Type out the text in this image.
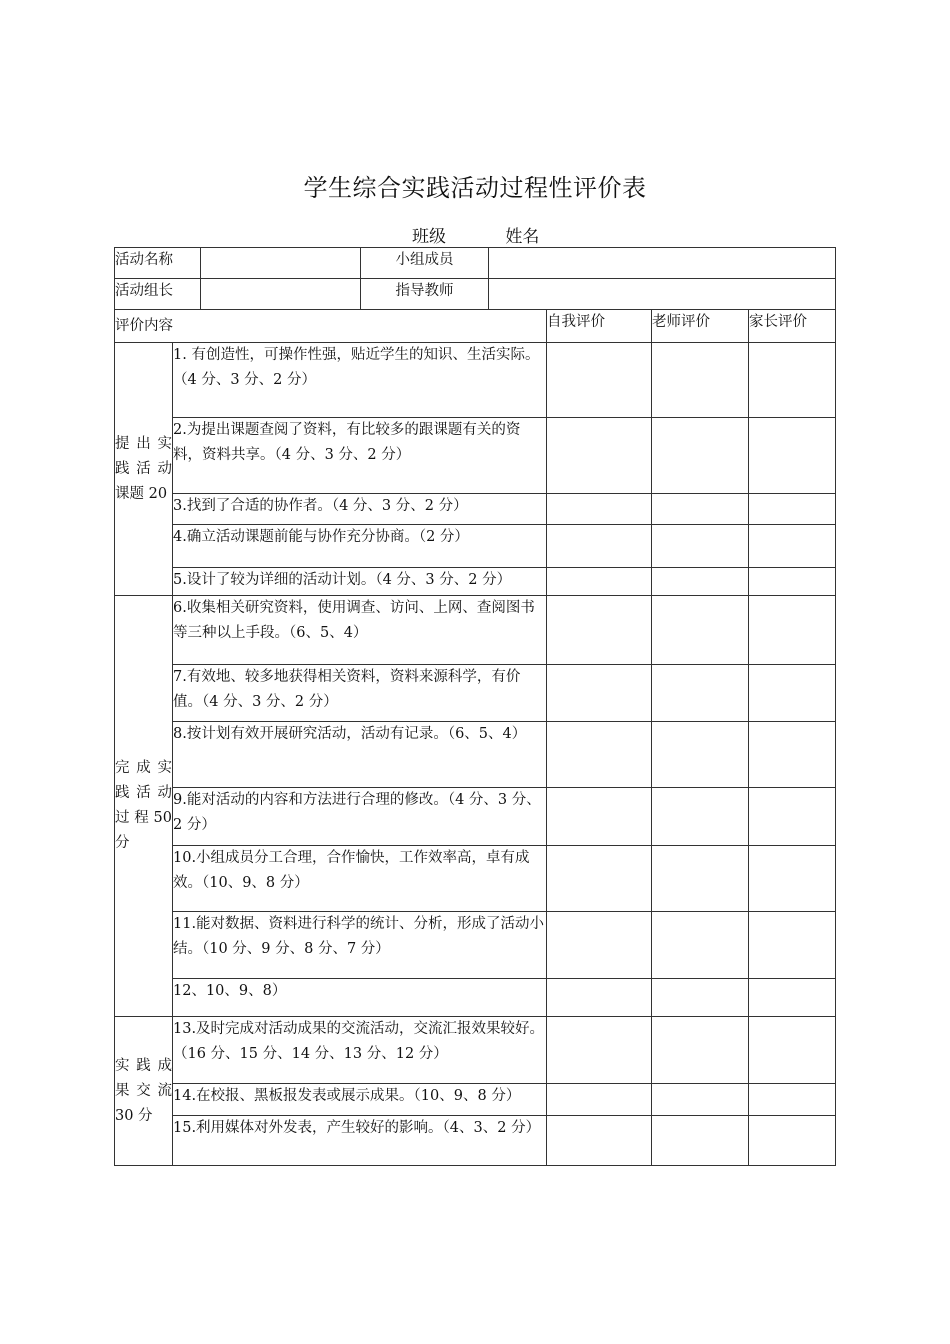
学生综合实践活动过程性评价表
班级	姓名
活动名称			小组成员				
活动组长			指导教师				
评价内容					自我评价	老师评价	家长评价
提 出 实 践 活 动 课题 20	1. 有创造性，可操作性强，贴近学生的知识、生活实际。（4 分、3 分、2 分）						
	2.为提出课题查阅了资料，有比较多的跟课题有关的资料，资料共享。（4 分、3 分、2 分）						
	3.找到了合适的协作者。（4 分、3 分、2 分）						
	4.确立活动课题前能与协作充分协商。（2 分）						
	5.设计了较为详细的活动计划。（4 分、3 分、2 分）						
完 成 实 践 活 动 过 程 50 分	6.收集相关研究资料，使用调查、访问、上网、查阅图书等三种以上手段。（6、5、4）						
	7.有效地、较多地获得相关资料，资料来源科学，有价值。（4 分、3 分、2 分）						
	8.按计划有效开展研究活动，活动有记录。（6、5、4）						
	9.能对活动的内容和方法进行合理的修改。（4 分、3 分、2 分）						
	10.小组成员分工合理，合作愉快，工作效率高，卓有成效。（10、9、8 分）						
	11.能对数据、资料进行科学的统计、分析，形成了活动小结。（10 分、9 分、8 分、7 分）						
	12、10、9、8）						
实 践 成 果 交 流 30 分	13.及时完成对活动成果的交流活动，交流汇报效果较好。（16 分、15 分、14 分、13 分、12 分）						
	14.在校报、黑板报发表或展示成果。（10、9、8 分）						
	15.利用媒体对外发表，产生较好的影响。（4、3、2 分）						
